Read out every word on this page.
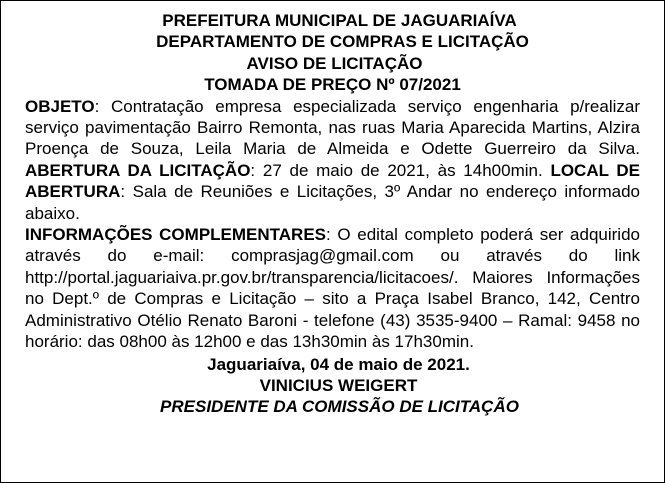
PREFEITURA MUNICIPAL DE JAGUARIAÍVA
DEPARTAMENTO DE COMPRAS E LICITAÇÃO
AVISO DE LICITAÇÃO
TOMADA DE PREÇO Nº 07/2021
OBJETO: Contratação empresa especializada serviço engenharia p/realizar serviço pavimentação Bairro Remonta, nas ruas Maria Aparecida Martins, Alzira Proença de Souza, Leila Maria de Almeida e Odette Guerreiro da Silva. ABERTURA DA LICITAÇÃO: 27 de maio de 2021, às 14h00min. LOCAL DE ABERTURA: Sala de Reuniões e Licitações, 3º Andar no endereço informado abaixo.
INFORMAÇÕES COMPLEMENTARES: O edital completo poderá ser adquirido através do e-mail: comprasjag@gmail.com ou através do link http://portal.jaguariaiva.pr.gov.br/transparencia/licitacoes/. Maiores Informações no Dept.º de Compras e Licitação – sito a Praça Isabel Branco, 142, Centro Administrativo Otélio Renato Baroni - telefone (43) 3535-9400 – Ramal: 9458 no horário: das 08h00 às 12h00 e das 13h30min às 17h30min.
Jaguariaíva, 04 de maio de 2021.
VINICIUS WEIGERT
PRESIDENTE DA COMISSÃO DE LICITAÇÃO
